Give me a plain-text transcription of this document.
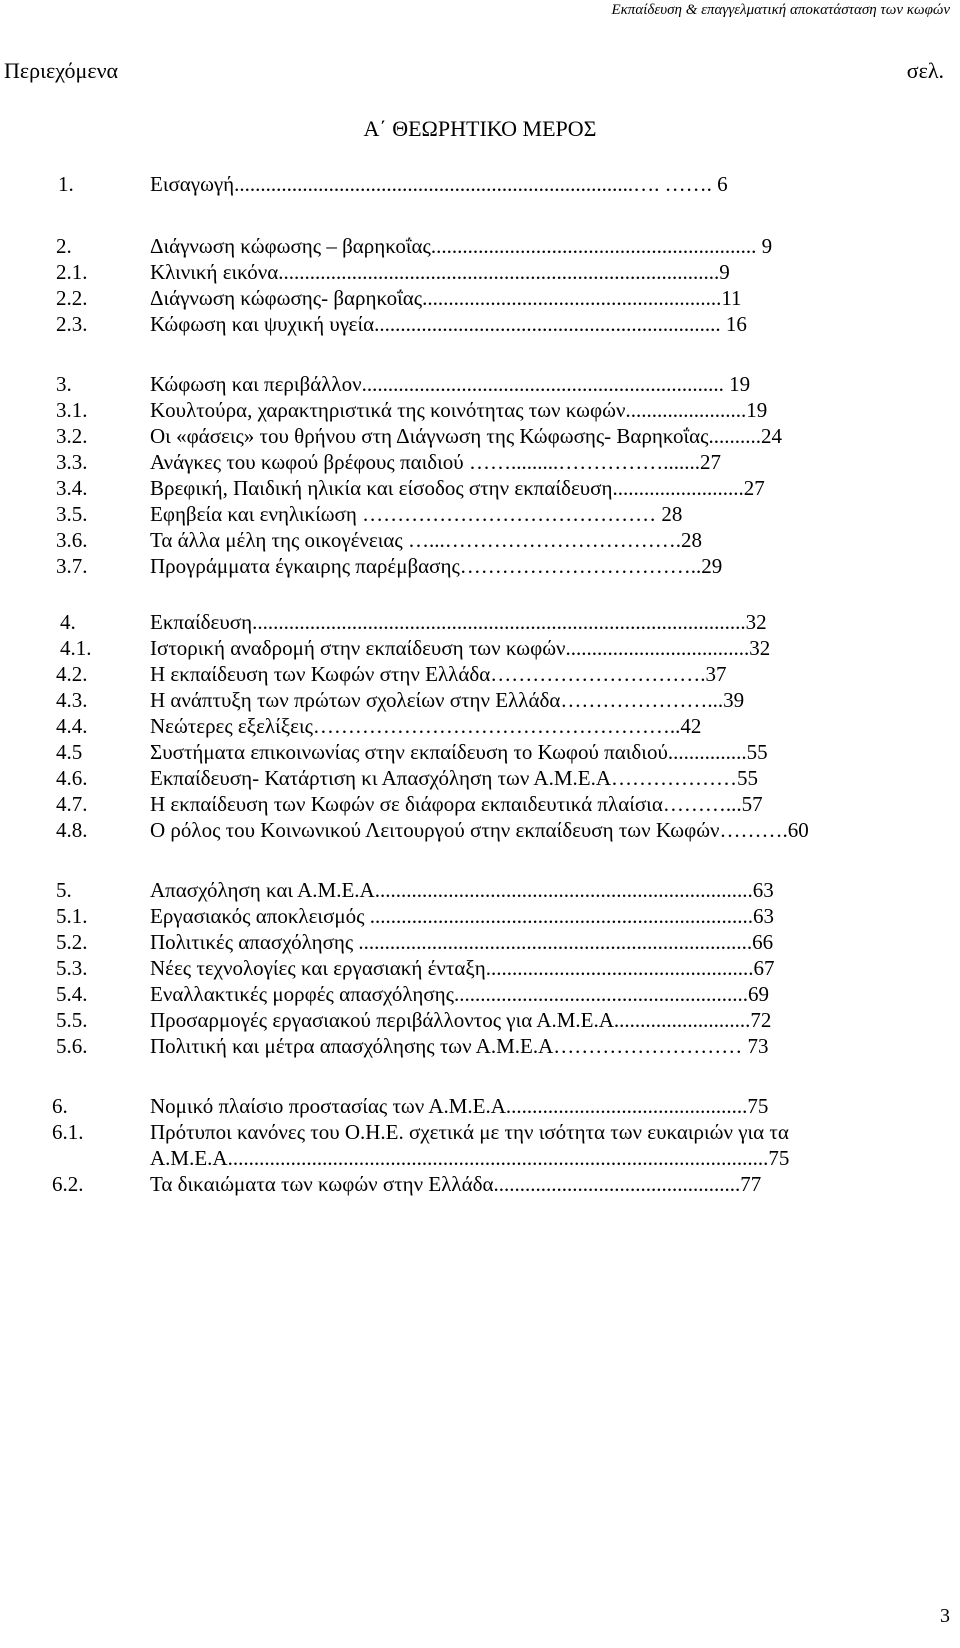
Εκπαίδευση & επαγγελματική αποκατάσταση των κωφών
Περιεχόμενα	σελ.
Α΄ ΘΕΩΡΗΤΙΚΟ ΜΕΡΟΣ
1.	Εισαγωγή............................................................................…. ……. 6
2.	Διάγνωση κώφωσης – βαρηκοΐας.............................................................. 9
2.1.	Κλινική εικόνα....................................................................................9
2.2.	Διάγνωση κώφωσης- βαρηκοΐας.........................................................11
2.3.	Κώφωση και ψυχική υγεία.................................................................. 16
3.	Κώφωση και περιβάλλον..................................................................... 19
3.1.	Κουλτούρα, χαρακτηριστικά της κοινότητας των κωφών.......................19
3.2.	Οι «φάσεις» του θρήνου στη Διάγνωση της Κώφωσης- Βαρηκοΐας..........24
3.3.	Ανάγκες του κωφού βρέφους παιδιού …….........…………….......27
3.4.	Βρεφική, Παιδική ηλικία και είσοδος στην εκπαίδευση.........................27
3.5.	Εφηβεία και ενηλικίωση …………………………………… 28
3.6.	Τα άλλα μέλη της οικογένειας …...…………………………….28
3.7.	Προγράμματα έγκαιρης παρέμβασης……………………………..29
4.	Εκπαίδευση..............................................................................................32
4.1.	Ιστορική αναδρομή στην εκπαίδευση των κωφών...................................32
4.2.	Η εκπαίδευση των Κωφών στην Ελλάδα………………………….37
4.3.	Η ανάπτυξη των πρώτων σχολείων στην Ελλάδα…………………...39
4.4.	Νεώτερες εξελίξεις……………………………………………..42
4.5	Συστήματα επικοινωνίας στην εκπαίδευση το Κωφού παιδιού...............55
4.6.	Εκπαίδευση- Κατάρτιση κι Απασχόληση των Α.Μ.Ε.Α………………55
4.7.	Η εκπαίδευση των Κωφών σε διάφορα εκπαιδευτικά πλαίσια………...57
4.8.	Ο ρόλος του Κοινωνικού Λειτουργού στην εκπαίδευση των Κωφών……….60
5.	Απασχόληση και Α.Μ.Ε.Α........................................................................63
5.1.	Εργασιακός αποκλεισμός .........................................................................63
5.2.	Πολιτικές απασχόλησης ...........................................................................66
5.3.	Νέες τεχνολογίες και εργασιακή ένταξη...................................................67
5.4.	Εναλλακτικές μορφές απασχόλησης........................................................69
5.5.	Προσαρμογές εργασιακού περιβάλλοντος για Α.Μ.Ε.Α..........................72
5.6.	Πολιτική και μέτρα απασχόλησης των Α.Μ.Ε.Α……………………… 73
6.	Νομικό πλαίσιο προστασίας των Α.Μ.Ε.Α..............................................75
6.1.	Πρότυποι κανόνες του Ο.Η.Ε. σχετικά με την ισότητα των ευκαιριών για τα
Α.Μ.Ε.Α.......................................................................................................75
6.2.	Τα δικαιώματα των κωφών στην Ελλάδα...............................................77
3
